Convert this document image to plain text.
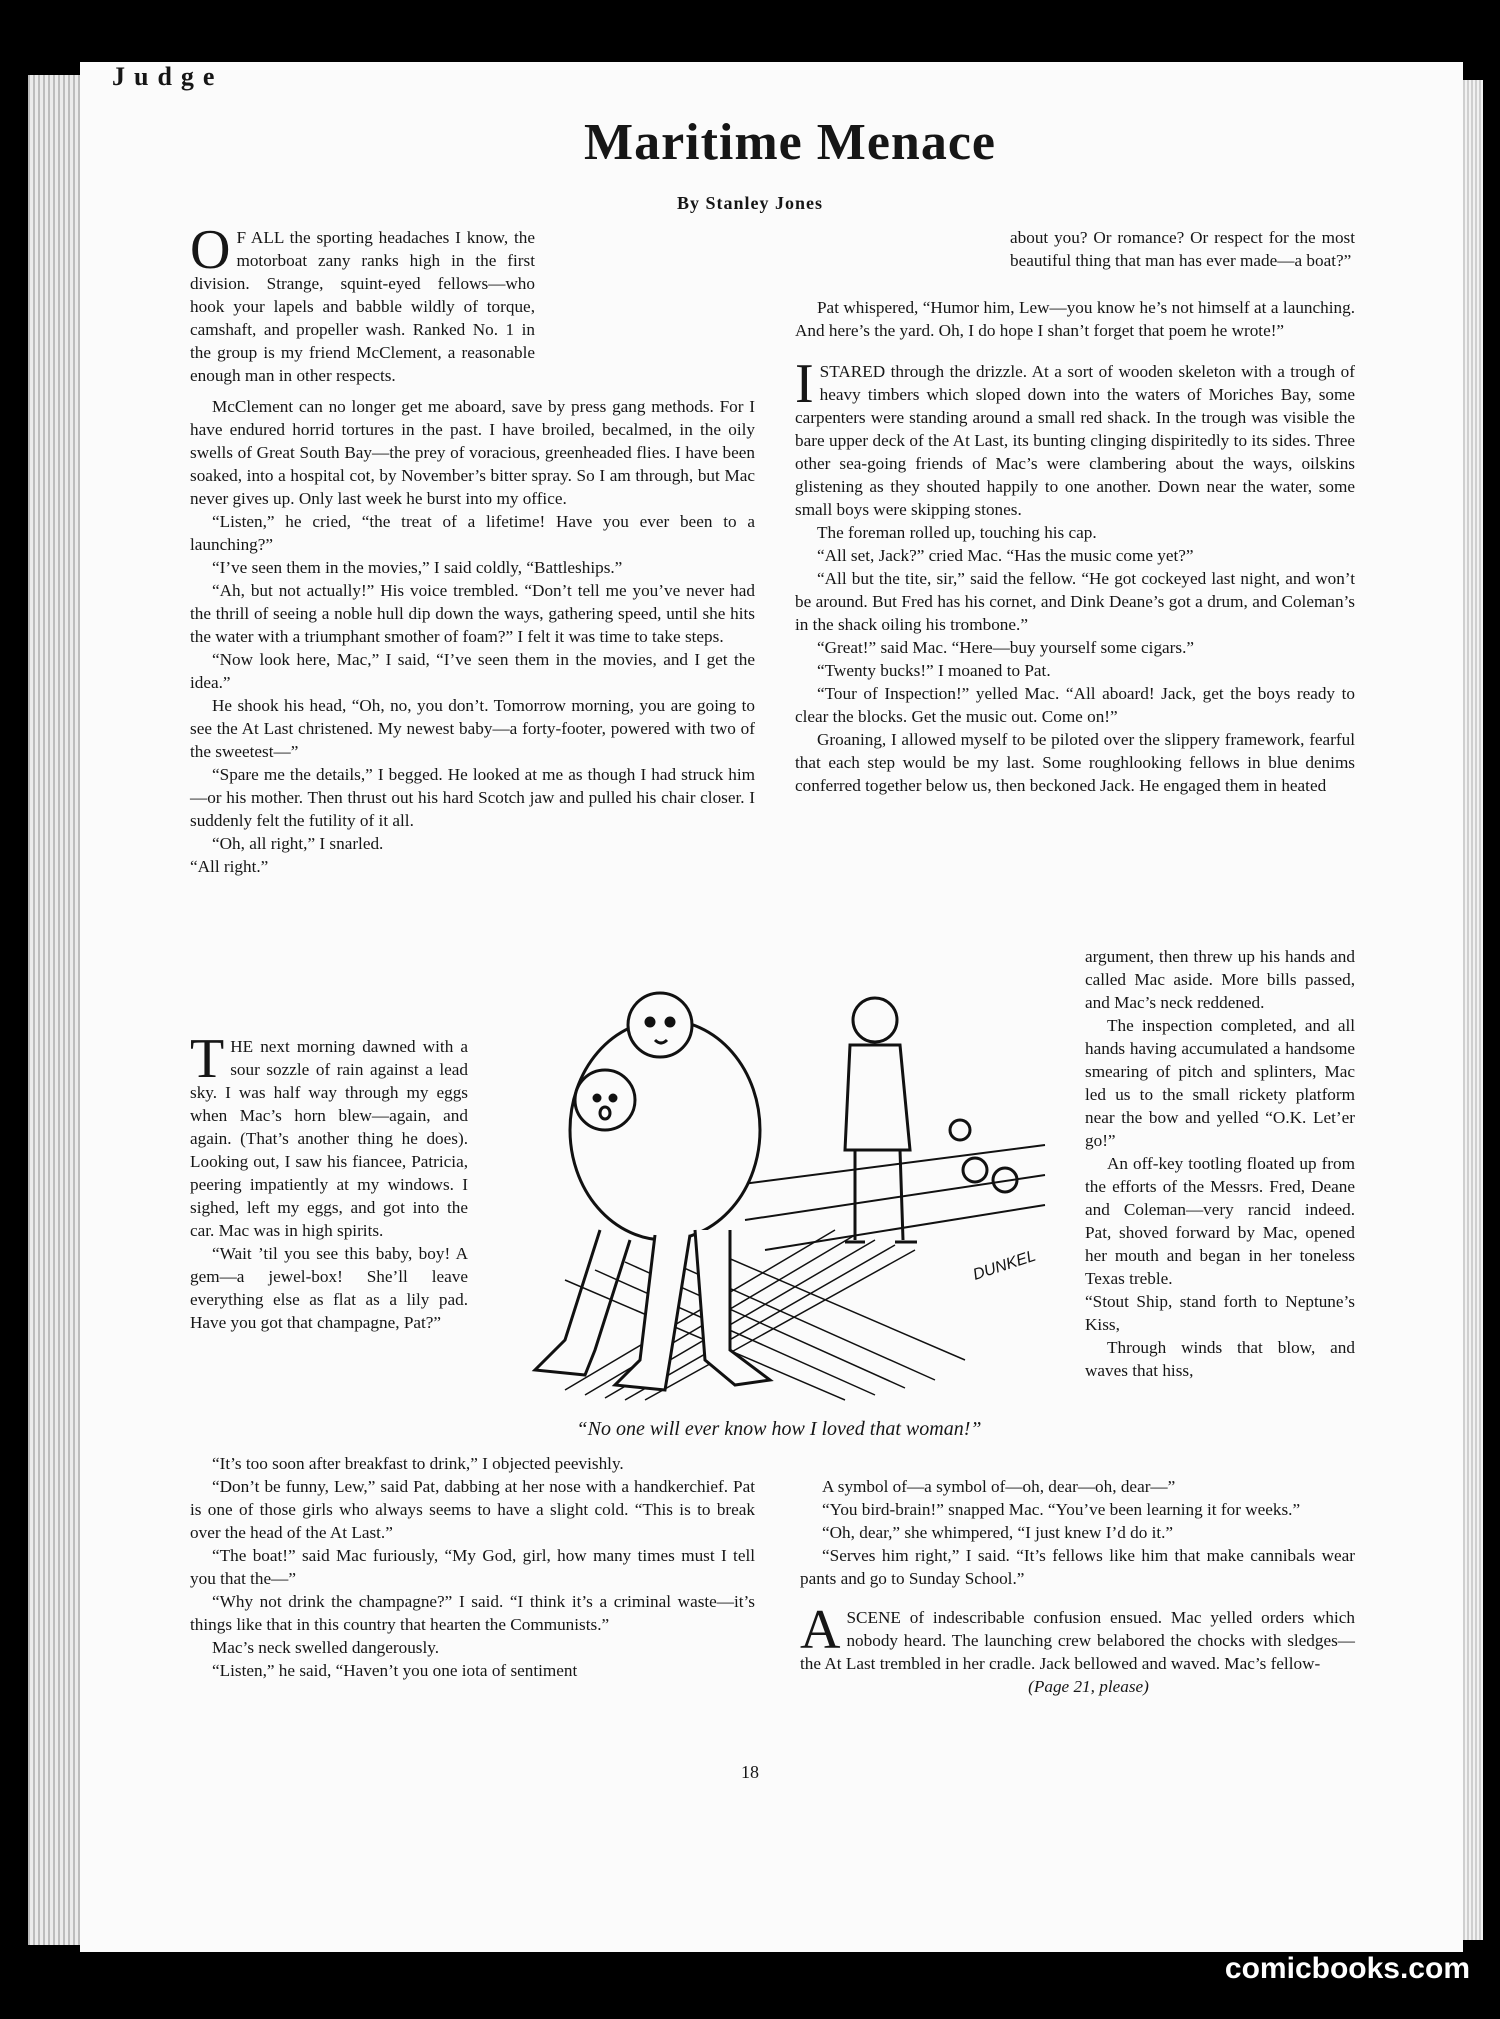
Judge
Maritime Menace
By Stanley Jones

O F ALL the sporting headaches I know, the motorboat zany ranks high in the first division. Strange, squint-eyed fellows—who hook your lapels and babble wildly of torque, camshaft, and propeller wash. Ranked No. 1 in the group is my friend McClement, a reasonable enough man in other respects.

McClement can no longer get me aboard, save by press gang methods. For I have endured horrid tortures in the past. I have broiled, becalmed, in the oily swells of Great South Bay—the prey of voracious, greenheaded flies. I have been soaked, into a hospital cot, by November’s bitter spray. So I am through, but Mac never gives up. Only last week he burst into my office.

“Listen,” he cried, “the treat of a lifetime! Have you ever been to a launching?”

“I’ve seen them in the movies,” I said coldly, “Battleships.”

“Ah, but not actually!” His voice trembled. “Don’t tell me you’ve never had the thrill of seeing a noble hull dip down the ways, gathering speed, until she hits the water with a triumphant smother of foam?” I felt it was time to take steps.

“Now look here, Mac,” I said, “I’ve seen them in the movies, and I get the idea.”

He shook his head, “Oh, no, you don’t. Tomorrow morning, you are going to see the At Last christened. My newest baby—a forty-footer, powered with two of the sweetest—”

“Spare me the details,” I begged. He looked at me as though I had struck him—or his mother. Then thrust out his hard Scotch jaw and pulled his chair closer. I suddenly felt the futility of it all.

“Oh, all right,” I snarled.

“All right.”

THE next morning dawned with a sour sozzle of rain against a lead sky. I was half way through my eggs when Mac’s horn blew—again, and again. (That’s another thing he does). Looking out, I saw his fiancee, Patricia, peering impatiently at my windows. I sighed, left my eggs, and got into the car. Mac was in high spirits.

“Wait ’til you see this baby, boy! A gem—a jewel-box! She’ll leave everything else as flat as a lily pad. Have you got that champagne, Pat?”

“It’s too soon after breakfast to drink,” I objected peevishly.

“Don’t be funny, Lew,” said Pat, dabbing at her nose with a handkerchief. Pat is one of those girls who always seems to have a slight cold. “This is to break over the head of the At Last.”

“The boat!” said Mac furiously, “My God, girl, how many times must I tell you that the—”

“Why not drink the champagne?” I said. “I think it’s a criminal waste—it’s things like that in this country that hearten the Communists.”

Mac’s neck swelled dangerously.

“Listen,” he said, “Haven’t you one iota of sentiment

about you? Or romance? Or respect for the most beautiful thing that man has ever made—a boat?”

Pat whispered, “Humor him, Lew—you know he’s not himself at a launching. And here’s the yard. Oh, I do hope I shan’t forget that poem he wrote!”

ISTARED through the drizzle. At a sort of wooden skeleton with a trough of heavy timbers which sloped down into the waters of Moriches Bay, some carpenters were standing around a small red shack. In the trough was visible the bare upper deck of the At Last, its bunting clinging dispiritedly to its sides. Three other sea-going friends of Mac’s were clambering about the ways, oilskins glistening as they shouted happily to one another. Down near the water, some small boys were skipping stones.

The foreman rolled up, touching his cap.

“All set, Jack?” cried Mac. “Has the music come yet?”

“All but the tite, sir,” said the fellow. “He got cockeyed last night, and won’t be around. But Fred has his cornet, and Dink Deane’s got a drum, and Coleman’s in the shack oiling his trombone.”

“Great!” said Mac. “Here—buy yourself some cigars.”

“Twenty bucks!” I moaned to Pat.

“Tour of Inspection!” yelled Mac. “All aboard! Jack, get the boys ready to clear the blocks. Get the music out. Come on!”

Groaning, I allowed myself to be piloted over the slippery framework, fearful that each step would be my last. Some roughlooking fellows in blue denims conferred together below us, then beckoned Jack. He engaged them in heated

argument, then threw up his hands and called Mac aside. More bills passed, and Mac’s neck reddened.

The inspection completed, and all hands having accumulated a handsome smearing of pitch and splinters, Mac led us to the small rickety platform near the bow and yelled “O.K. Let’er go!”

An off-key tootling floated up from the efforts of the Messrs. Fred, Deane and Coleman—very rancid indeed. Pat, shoved forward by Mac, opened her mouth and began in her toneless Texas treble.

“Stout Ship, stand forth to Neptune’s Kiss,

Through winds that blow, and waves that hiss,

A symbol of—a symbol of—oh, dear—oh, dear—”

“You bird-brain!” snapped Mac. “You’ve been learning it for weeks.”

“Oh, dear,” she whimpered, “I just knew I’d do it.”

“Serves him right,” I said. “It’s fellows like him that make cannibals wear pants and go to Sunday School.”

ASCENE of indescribable confusion ensued. Mac yelled orders which nobody heard. The launching crew belabored the chocks with sledges—the At Last trembled in her cradle. Jack bellowed and waved. Mac’s fellow-

(Page 21, please)

DUNKEL
“No one will ever know how I loved that woman!”
18
comicbooks.com
